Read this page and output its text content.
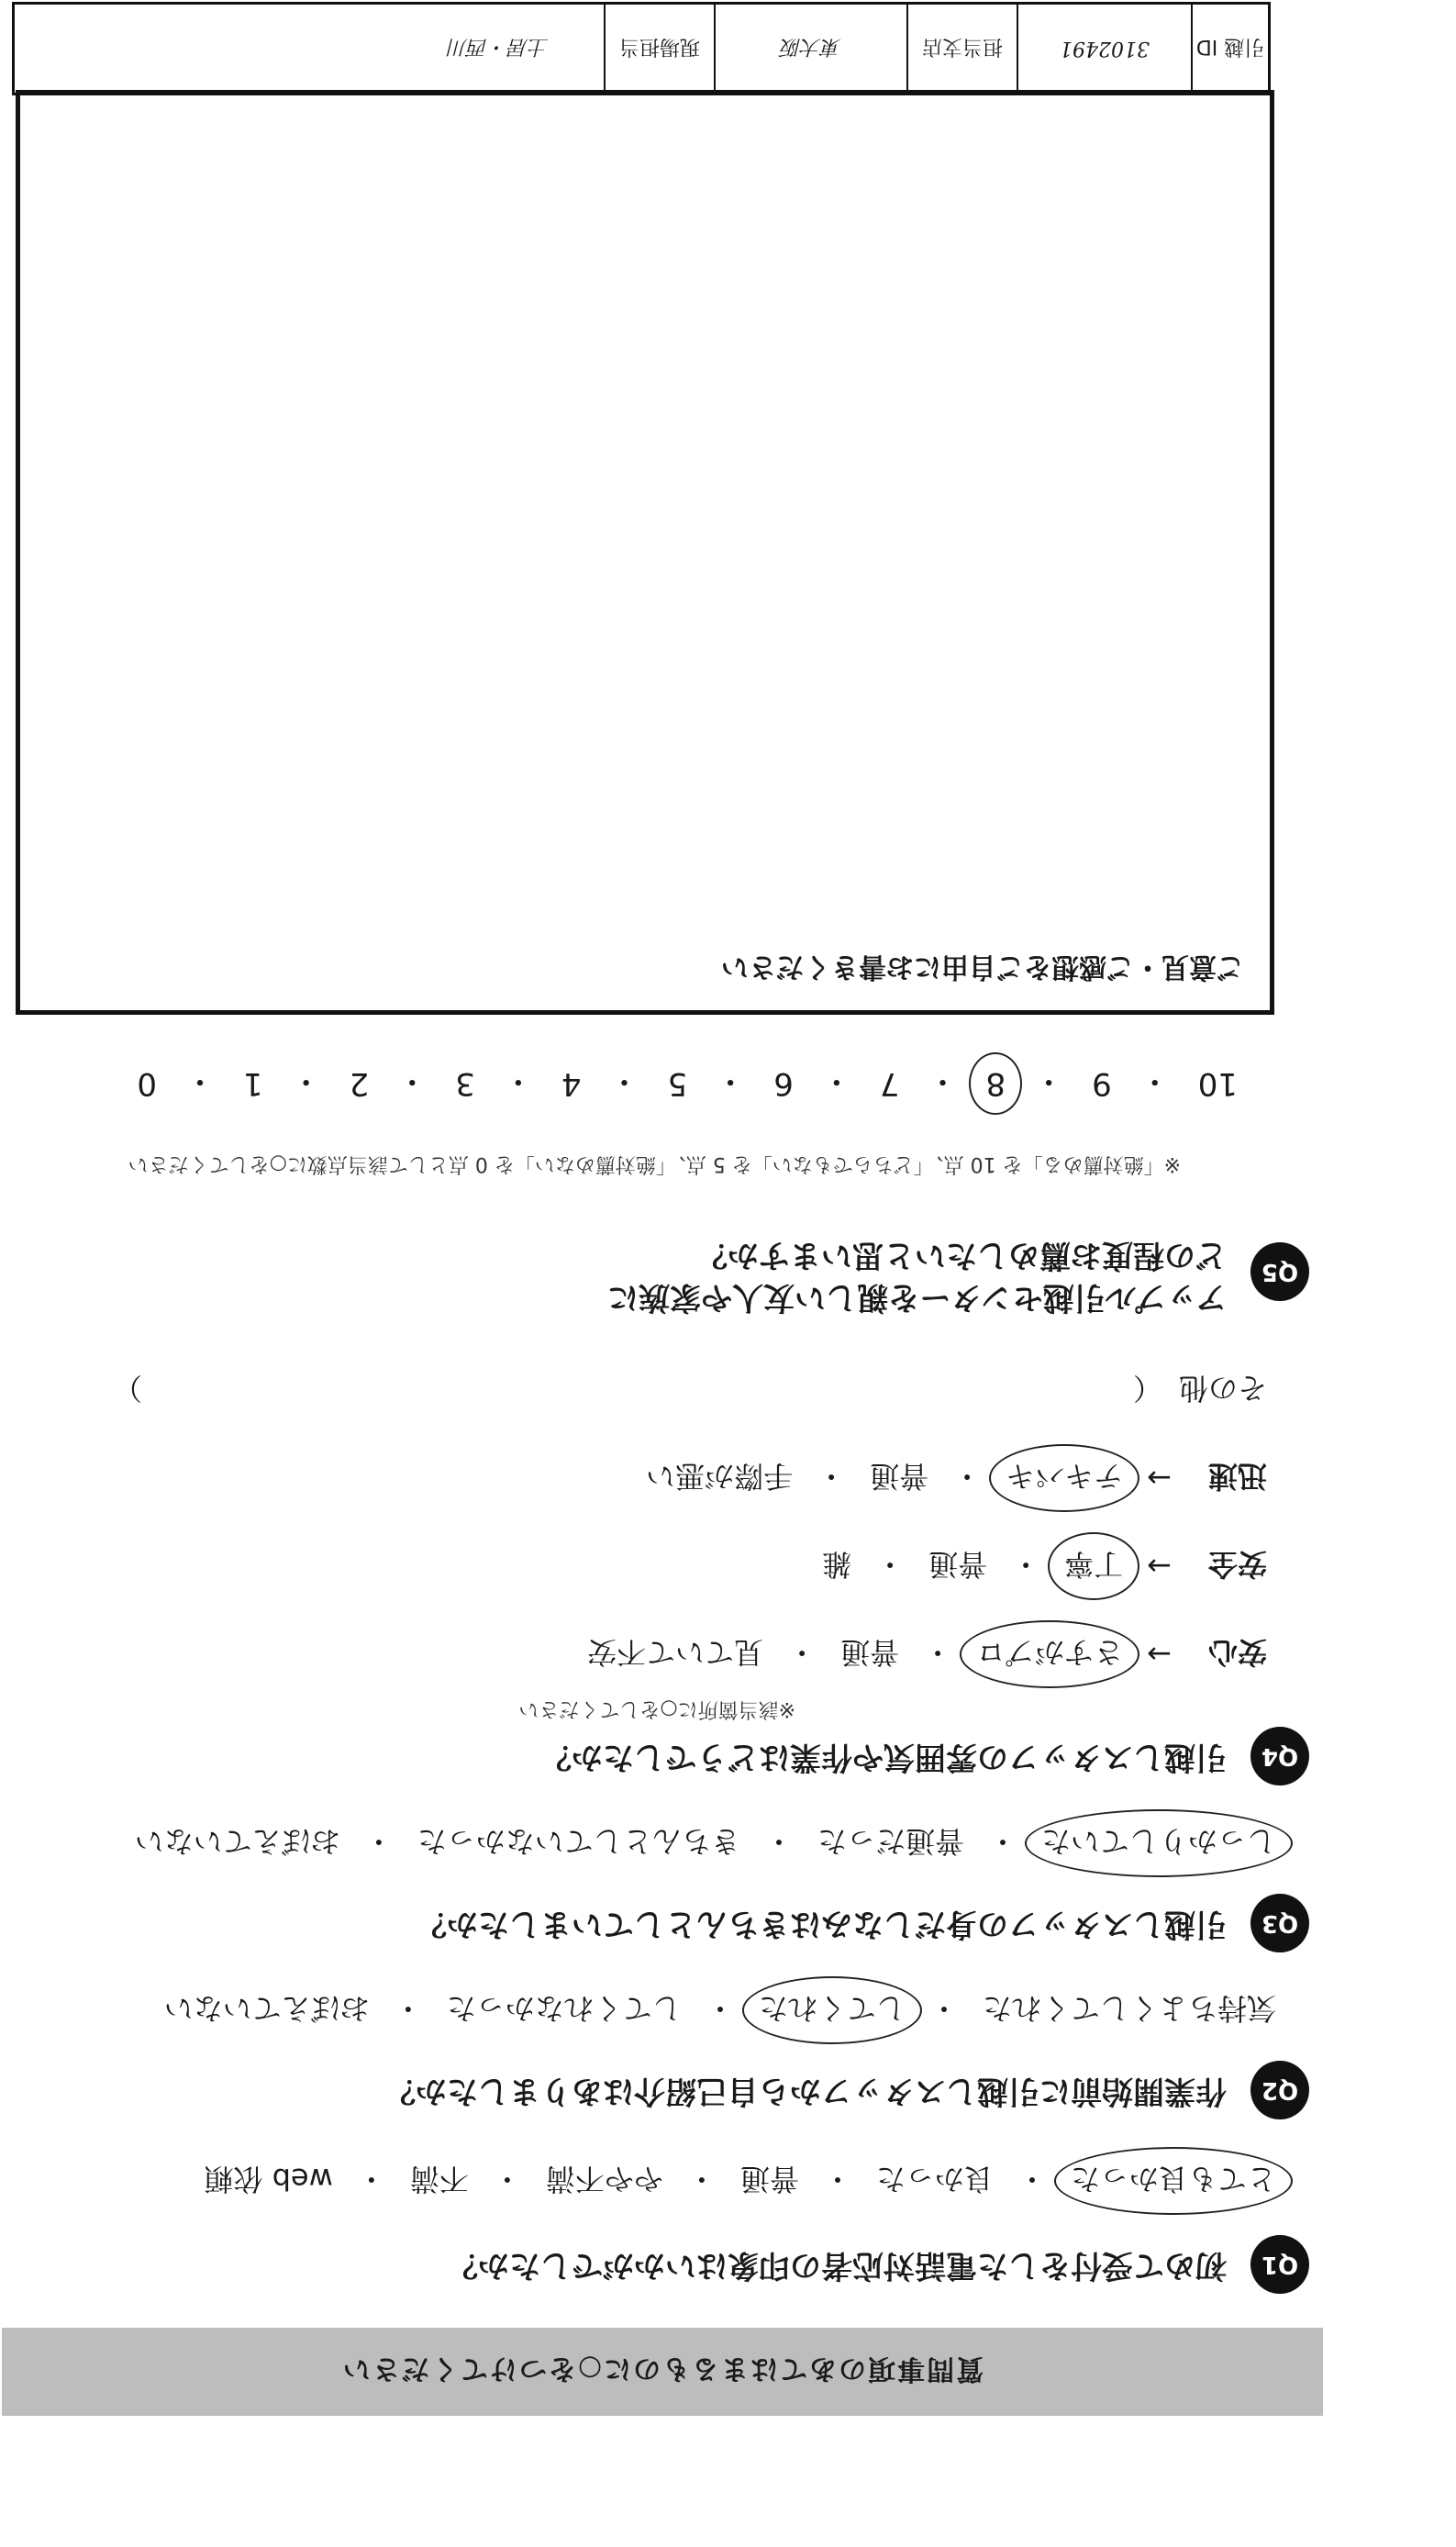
質問事項のあてはまるものに○をつけてください
Q1
初めて受付をした電話対応者の印象はいかがでしたか？
とても良かった
・
良かった
・
普通
・
やや不満
・
不満
・
web 依頼
Q2
作業開始前に引越しスタッフから自己紹介はありましたか？
気持ちよくしてくれた
・
してくれた
・
してくれなかった
・
おぼえていない
Q3
引越しスタッフの身だしなみはきちんとしていましたか？
しっかりしていた
・
普通だった
・
きちんとしていなかった
・
おぼえていない
Q4
引越しスタッフの雰囲気や作業はどうでしたか？
※該当箇所に○をしてください
安心
→
さすがプロ
・
普通
・
見ていて不安
安全
→
丁寧
・
普通
・
雑
迅速
→
テキパキ
・
普通
・
手際が悪い
その他
（
）
Q5
アップル引越センターを親しい友人や家族に
どの程度お薦めしたいと思いますか？
※「絶対薦める」を 10 点、「どちらでもない」を 5 点、「絶対薦めない」を 0 点として該当点数に○をしてください
10
・
9
・
8
・
7
・
6
・
5
・
4
・
3
・
2
・
1
・
0
ご意見・ご感想をご自由にお書きください
引越 ID
3102491
担当支店
東大阪
現場担当
土居・西川
